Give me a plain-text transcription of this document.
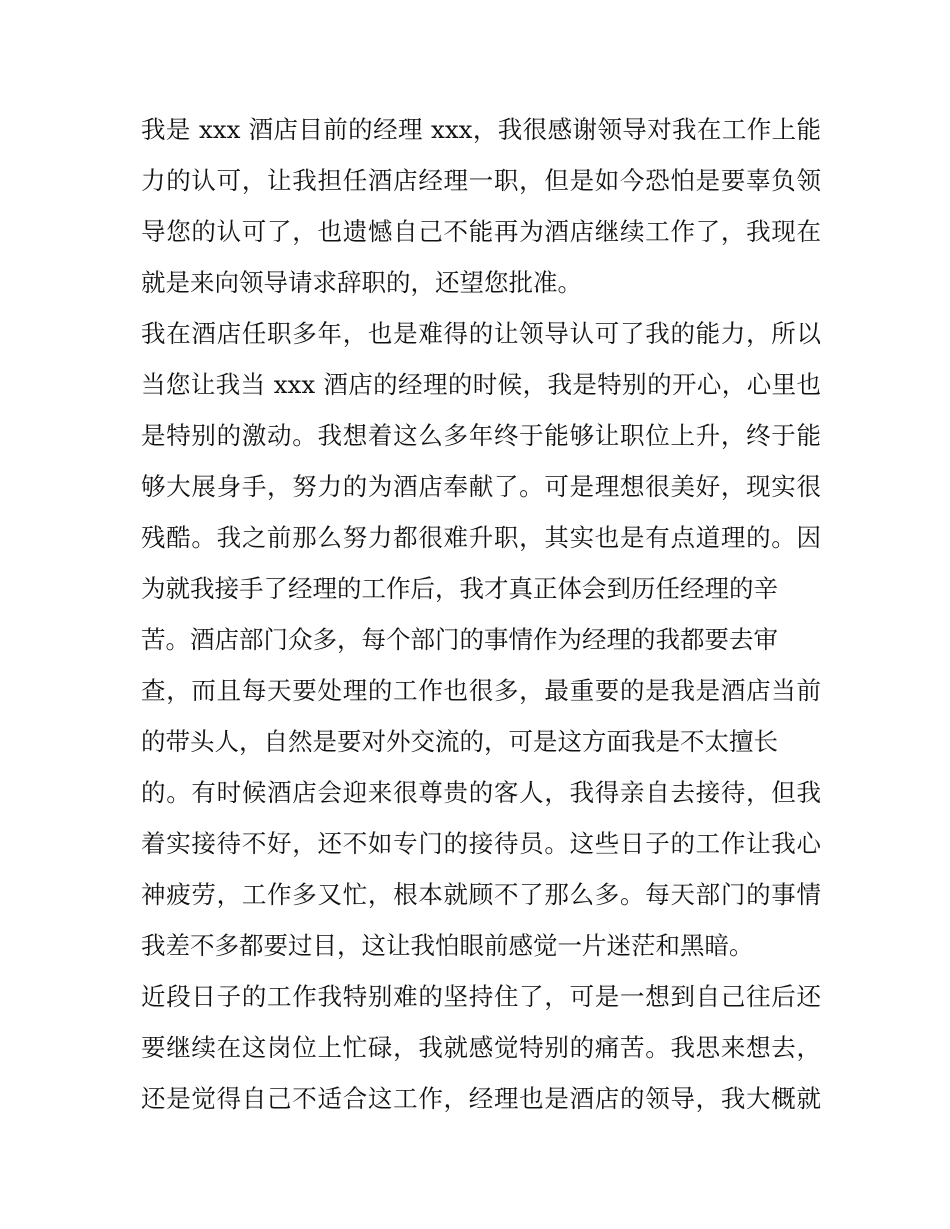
我是 xxx 酒店目前的经理 xxx，我很感谢领导对我在工作上能
力的认可，让我担任酒店经理一职，但是如今恐怕是要辜负领
导您的认可了，也遗憾自己不能再为酒店继续工作了，我现在
就是来向领导请求辞职的，还望您批准。
我在酒店任职多年，也是难得的让领导认可了我的能力，所以
当您让我当 xxx 酒店的经理的时候，我是特别的开心，心里也
是特别的激动。我想着这么多年终于能够让职位上升，终于能
够大展身手，努力的为酒店奉献了。可是理想很美好，现实很
残酷。我之前那么努力都很难升职，其实也是有点道理的。因
为就我接手了经理的工作后，我才真正体会到历任经理的辛
苦。酒店部门众多，每个部门的事情作为经理的我都要去审
查，而且每天要处理的工作也很多，最重要的是我是酒店当前
的带头人，自然是要对外交流的，可是这方面我是不太擅长
的。有时候酒店会迎来很尊贵的客人，我得亲自去接待，但我
着实接待不好，还不如专门的接待员。这些日子的工作让我心
神疲劳，工作多又忙，根本就顾不了那么多。每天部门的事情
我差不多都要过目，这让我怕眼前感觉一片迷茫和黑暗。
近段日子的工作我特别难的坚持住了，可是一想到自己往后还
要继续在这岗位上忙碌，我就感觉特别的痛苦。我思来想去，
还是觉得自己不适合这工作，经理也是酒店的领导，我大概就
